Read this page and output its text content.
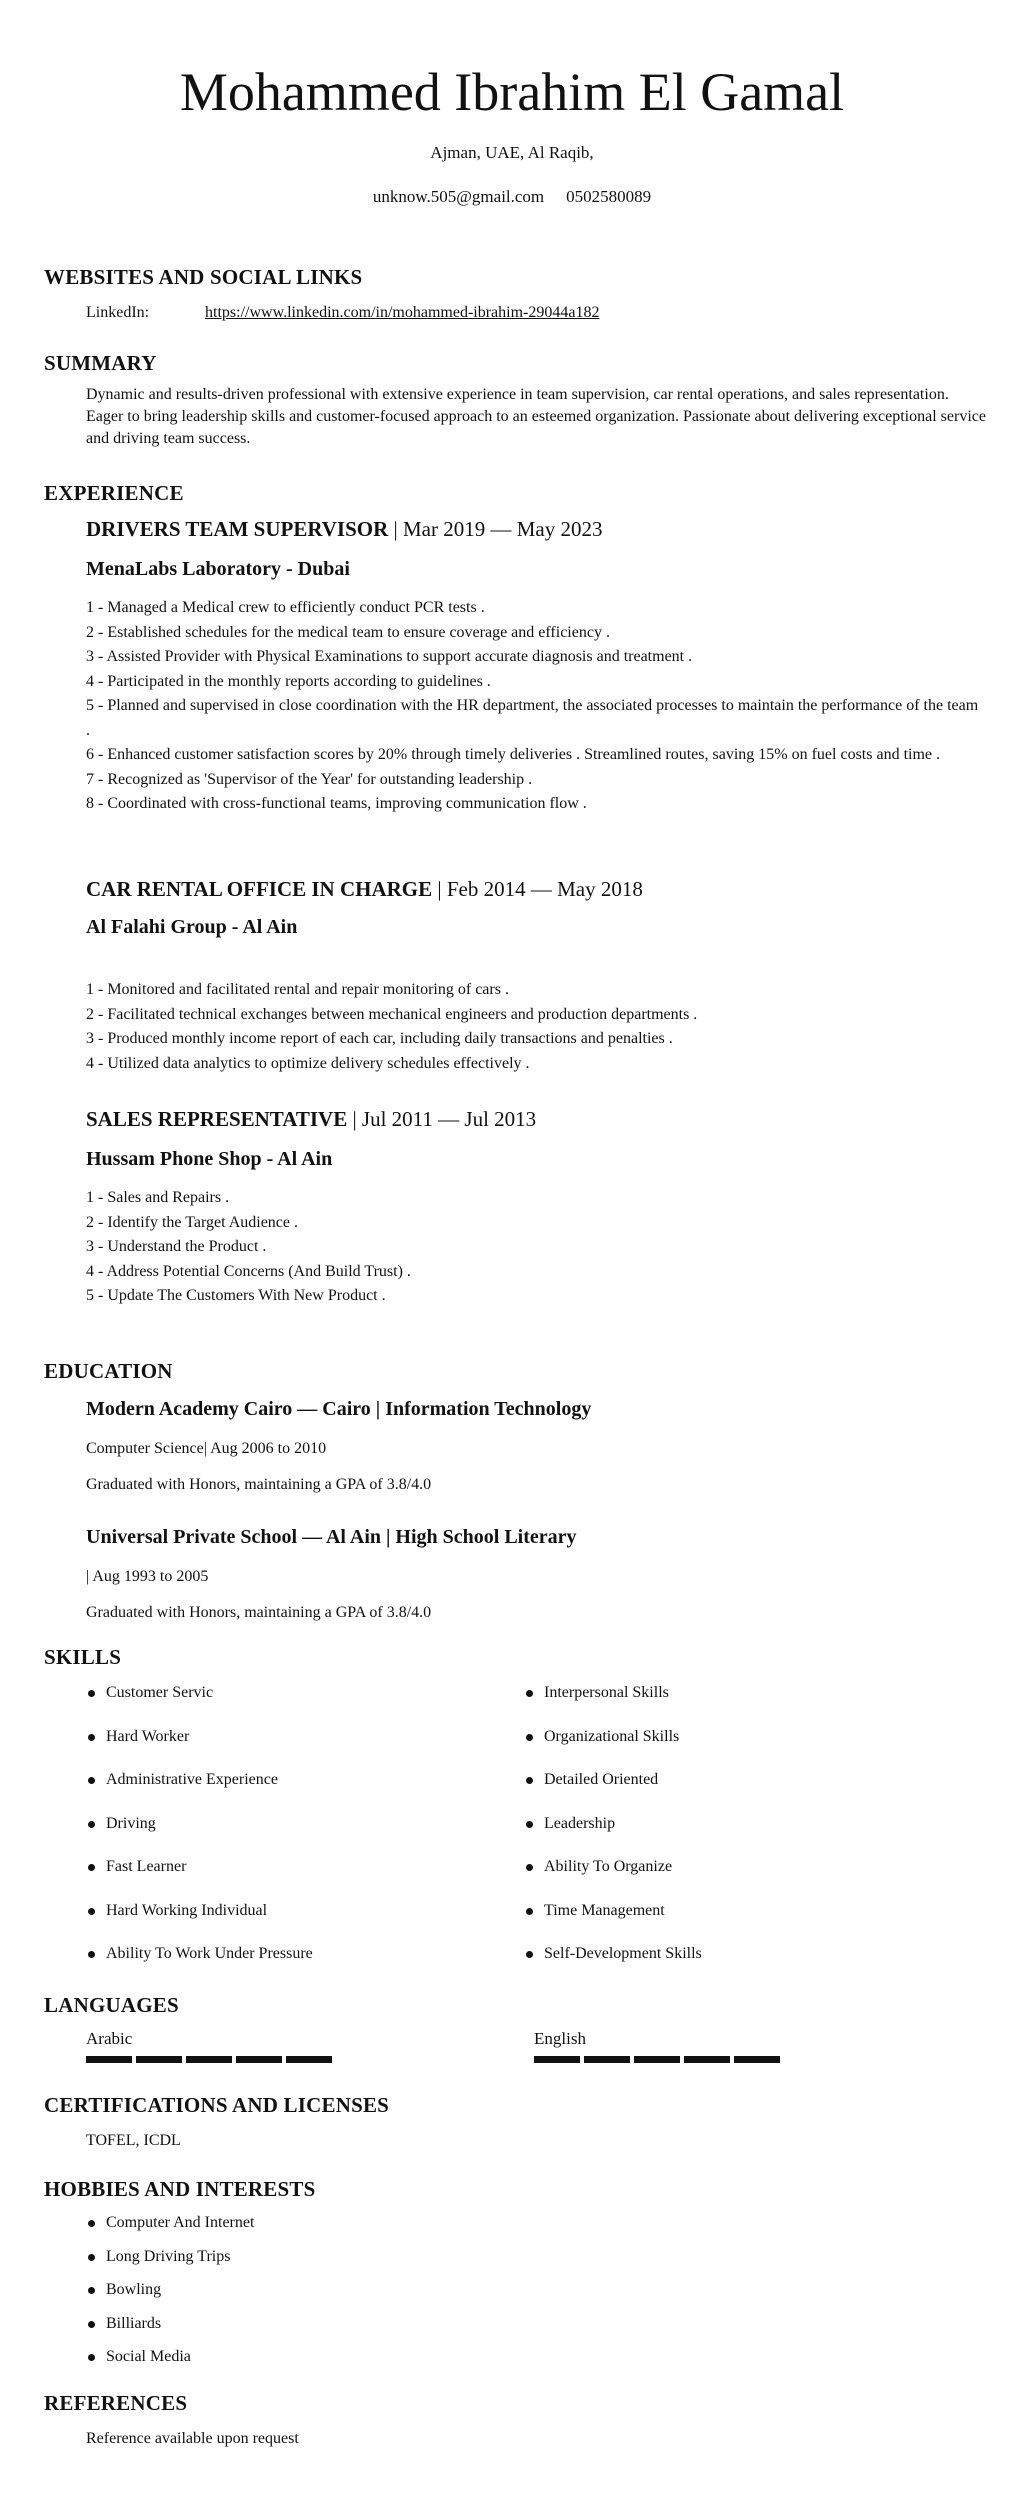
Mohammed Ibrahim El Gamal
Ajman, UAE, Al Raqib,
unknow.505@gmail.com 0502580089
WEBSITES AND SOCIAL LINKS
LinkedIn:	https://www.linkedin.com/in/mohammed-ibrahim-29044a182
SUMMARY
Dynamic and results-driven professional with extensive experience in team supervision, car rental operations, and sales representation. Eager to bring leadership skills and customer-focused approach to an esteemed organization. Passionate about delivering exceptional service and driving team success.
EXPERIENCE
DRIVERS TEAM SUPERVISOR | Mar 2019 — May 2023
MenaLabs Laboratory - Dubai
1 - Managed a Medical crew to efficiently conduct PCR tests .
2 - Established schedules for the medical team to ensure coverage and efficiency .
3 - Assisted Provider with Physical Examinations to support accurate diagnosis and treatment .
4 - Participated in the monthly reports according to guidelines .
5 - Planned and supervised in close coordination with the HR department, the associated processes to maintain the performance of the team .
6 - Enhanced customer satisfaction scores by 20% through timely deliveries . Streamlined routes, saving 15% on fuel costs and time .
7 - Recognized as 'Supervisor of the Year' for outstanding leadership .
8 - Coordinated with cross-functional teams, improving communication flow .
CAR RENTAL OFFICE IN CHARGE | Feb 2014 — May 2018
Al Falahi Group - Al Ain
1 - Monitored and facilitated rental and repair monitoring of cars .
2 - Facilitated technical exchanges between mechanical engineers and production departments .
3 - Produced monthly income report of each car, including daily transactions and penalties .
4 - Utilized data analytics to optimize delivery schedules effectively .
SALES REPRESENTATIVE | Jul 2011 — Jul 2013
Hussam Phone Shop - Al Ain
1 - Sales and Repairs .
2 - Identify the Target Audience .
3 - Understand the Product .
4 - Address Potential Concerns (And Build Trust) .
5 - Update The Customers With New Product .
EDUCATION
Modern Academy Cairo — Cairo | Information Technology
Computer Science| Aug 2006 to 2010
Graduated with Honors, maintaining a GPA of 3.8/4.0
Universal Private School — Al Ain | High School Literary
| Aug 1993 to 2005
Graduated with Honors, maintaining a GPA of 3.8/4.0
SKILLS
Customer Servic
Hard Worker
Administrative Experience
Driving
Fast Learner
Hard Working Individual
Ability To Work Under Pressure
Interpersonal Skills
Organizational Skills
Detailed Oriented
Leadership
Ability To Organize
Time Management
Self-Development Skills
LANGUAGES
Arabic	English
CERTIFICATIONS AND LICENSES
TOFEL, ICDL
HOBBIES AND INTERESTS
Computer And Internet
Long Driving Trips
Bowling
Billiards
Social Media
REFERENCES
Reference available upon request
